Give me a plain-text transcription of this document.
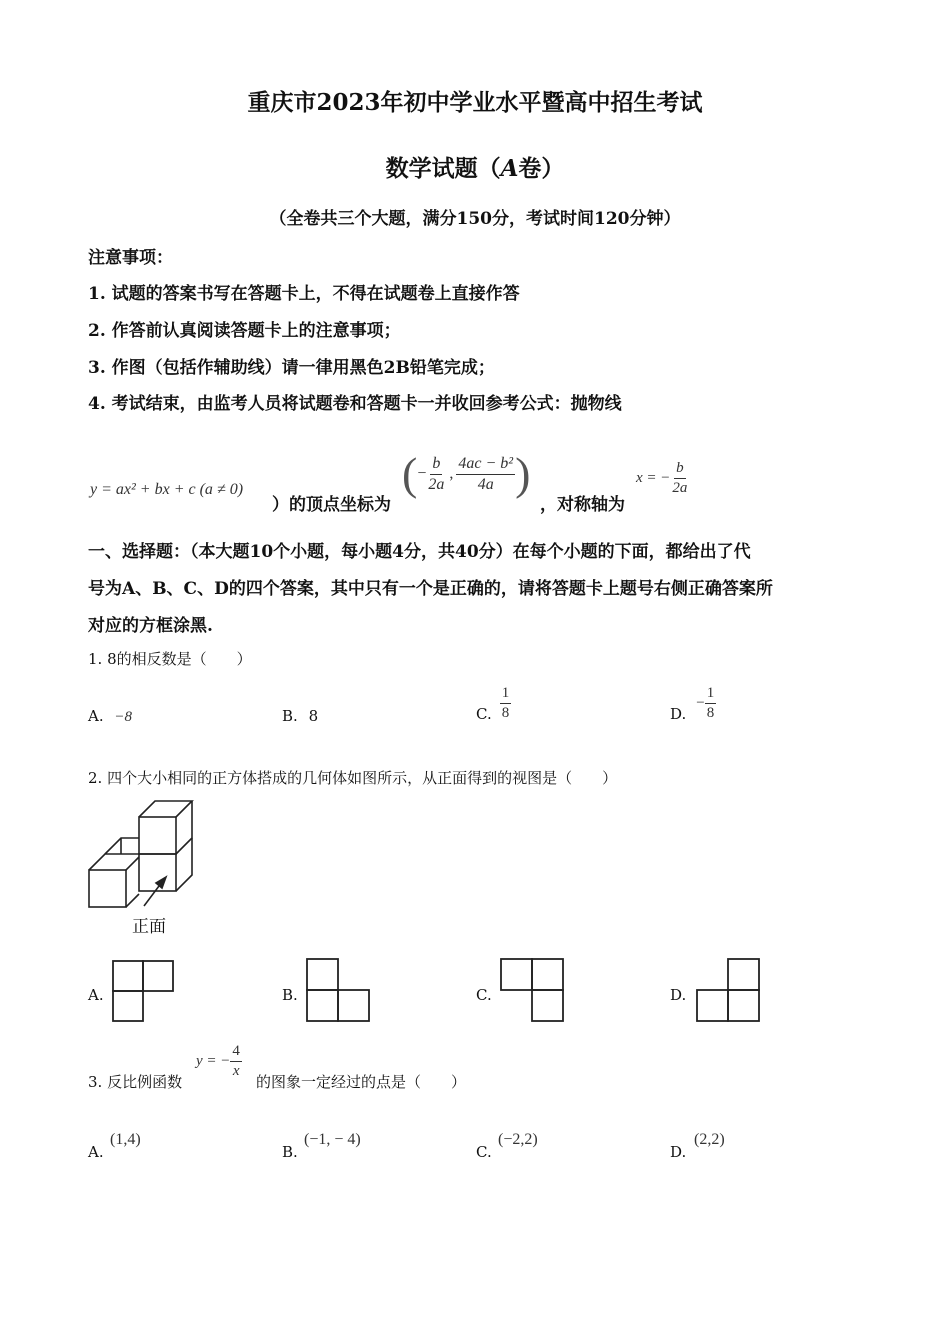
重庆市2023年初中学业水平暨高中招生考试
数学试题（A卷）
（全卷共三个大题，满分150分，考试时间120分钟）
注意事项：
1. 试题的答案书写在答题卡上，不得在试题卷上直接作答
2. 作答前认真阅读答题卡上的注意事项；
3. 作图（包括作辅助线）请一律用黑色2B铅笔完成；
4. 考试结束，由监考人员将试题卷和答题卡一并收回参考公式：抛物线
y = ax² + bx + c (a ≠ 0)
）的顶点坐标为
( − $\frac{b}{2a}$ , $\frac{\text{4ac − b²}}{4a}$ )
，对称轴为
x = − $\frac{b}{2a}$
一、选择题：（本大题10个小题，每小题4分，共40分）在每个小题的下面，都给出了代
号为A、B、C、D的四个答案，其中只有一个是正确的，请将答题卡上题号右侧正确答案所
对应的方框涂黑.
1. 8的相反数是（　　）
A. −8	B. 8	C. $\frac{1}{8}$	D.
− $\frac{1}{8}$
2. 四个大小相同的正方体搭成的几何体如图所示，从正面得到的视图是（　　）
正面
A.	B.	C.	D.
3. 反比例函数
y = − $\frac{4}{x}$
的图象一定经过的点是（　　）
A.
(1,4)
B.
(−1, − 4)
C.
(−2,2)
D.
(2,2)
